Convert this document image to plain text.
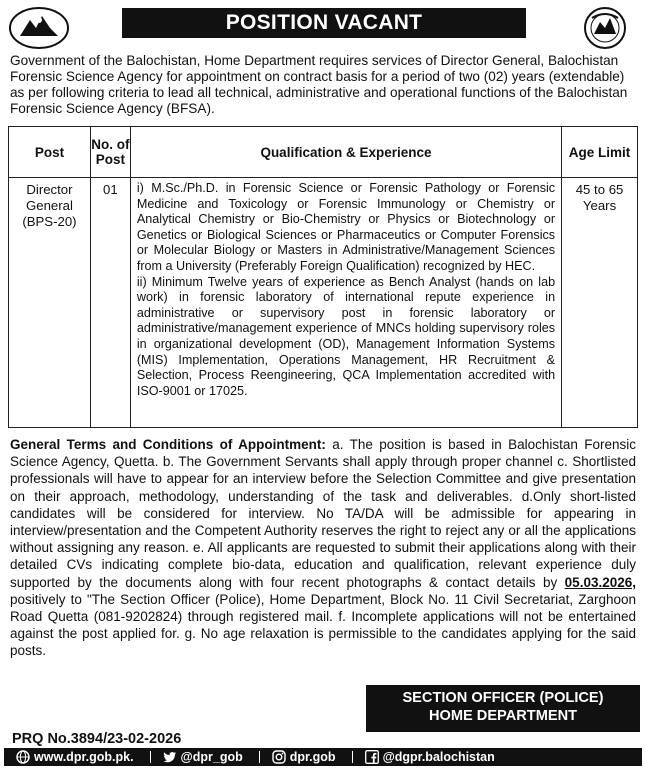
POSITION VACANT

Government of the Balochistan, Home Department requires services of Director General, Balochistan Forensic Science Agency for appointment on contract basis for a period of two (02) years (extendable) as per following criteria to lead all technical, administrative and operational functions of the Balochistan Forensic Science Agency (BFSA).

Post	No. of Post	Qualification & Experience	Age Limit
Director General (BPS-20)	01	i) M.Sc./Ph.D. in Forensic Science or Forensic Pathology or Forensic Medicine and Toxicology or Forensic Immunology or Chemistry or Analytical Chemistry or Bio-Chemistry or Physics or Biotechnology or Genetics or Biological Sciences or Pharmaceutics or Computer Forensics or Molecular Biology or Masters in Administrative/Management Sciences from a University (Preferably Foreign Qualification) recognized by HEC.

ii) Minimum Twelve years of experience as Bench Analyst (hands on lab work) in forensic laboratory of international repute experience in administrative or supervisory post in forensic laboratory or administrative/management experience of MNCs holding supervisory roles in organizational development (OD), Management Information Systems (MIS) Implementation, Operations Management, HR Recruitment & Selection, Process Reengineering, QCA Implementation accredited with ISO-9001 or 17025.	45 to 65 Years

General Terms and Conditions of Appointment: a. The position is based in Balochistan Forensic Science Agency, Quetta. b. The Government Servants shall apply through proper channel c. Shortlisted professionals will have to appear for an interview before the Selection Committee and give presentation on their approach, methodology, understanding of the task and deliverables. d.Only short-listed candidates will be considered for interview. No TA/DA will be admissible for appearing in interview/presentation and the Competent Authority reserves the right to reject any or all the applications without assigning any reason. e. All applicants are requested to submit their applications along with their detailed CVs indicating complete bio-data, education and qualification, relevant experience duly supported by the documents along with four recent photographs & contact details by 05.03.2026, positively to "The Section Officer (Police), Home Department, Block No. 11 Civil Secretariat, Zarghoon Road Quetta (081-9202824) through registered mail. f. Incomplete applications will not be entertained against the post applied for. g. No age relaxation is permissible to the candidates applying for the said posts.

SECTION OFFICER (POLICE)
HOME DEPARTMENT
PRQ No.3894/23-02-2026
www.dpr.gob.pk.	@dpr_gob	dpr.gob	@dgpr.balochistan
